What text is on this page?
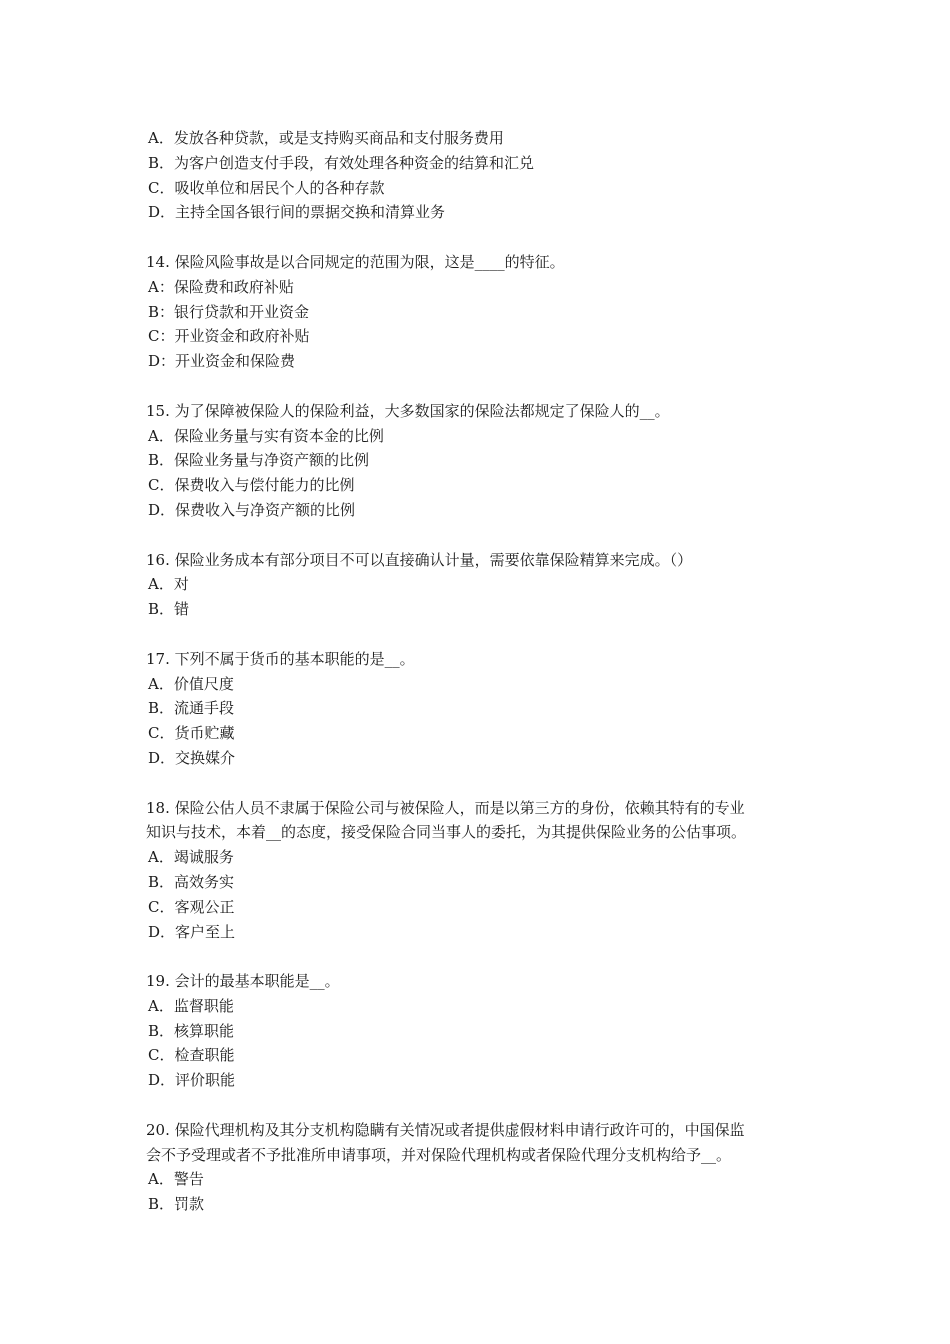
A．发放各种贷款，或是支持购买商品和支付服务费用
B．为客户创造支付手段，有效处理各种资金的结算和汇兑
C．吸收单位和居民个人的各种存款
D．主持全国各银行间的票据交换和清算业务
14. 保险风险事故是以合同规定的范围为限，这是____的特征。
A：保险费和政府补贴
B：银行贷款和开业资金
C：开业资金和政府补贴
D：开业资金和保险费
15. 为了保障被保险人的保险利益，大多数国家的保险法都规定了保险人的__。
A．保险业务量与实有资本金的比例
B．保险业务量与净资产额的比例
C．保费收入与偿付能力的比例
D．保费收入与净资产额的比例
16. 保险业务成本有部分项目不可以直接确认计量，需要依靠保险精算来完成。（）
A．对
B．错
17. 下列不属于货币的基本职能的是__。
A．价值尺度
B．流通手段
C．货币贮藏
D．交换媒介
18. 保险公估人员不隶属于保险公司与被保险人，而是以第三方的身份，依赖其特有的专业
知识与技术，本着__的态度，接受保险合同当事人的委托，为其提供保险业务的公估事项。
A．竭诚服务
B．高效务实
C．客观公正
D．客户至上
19. 会计的最基本职能是__。
A．监督职能
B．核算职能
C．检查职能
D．评价职能
20. 保险代理机构及其分支机构隐瞒有关情况或者提供虚假材料申请行政许可的，中国保监
会不予受理或者不予批准所申请事项，并对保险代理机构或者保险代理分支机构给予__。
A．警告
B．罚款
